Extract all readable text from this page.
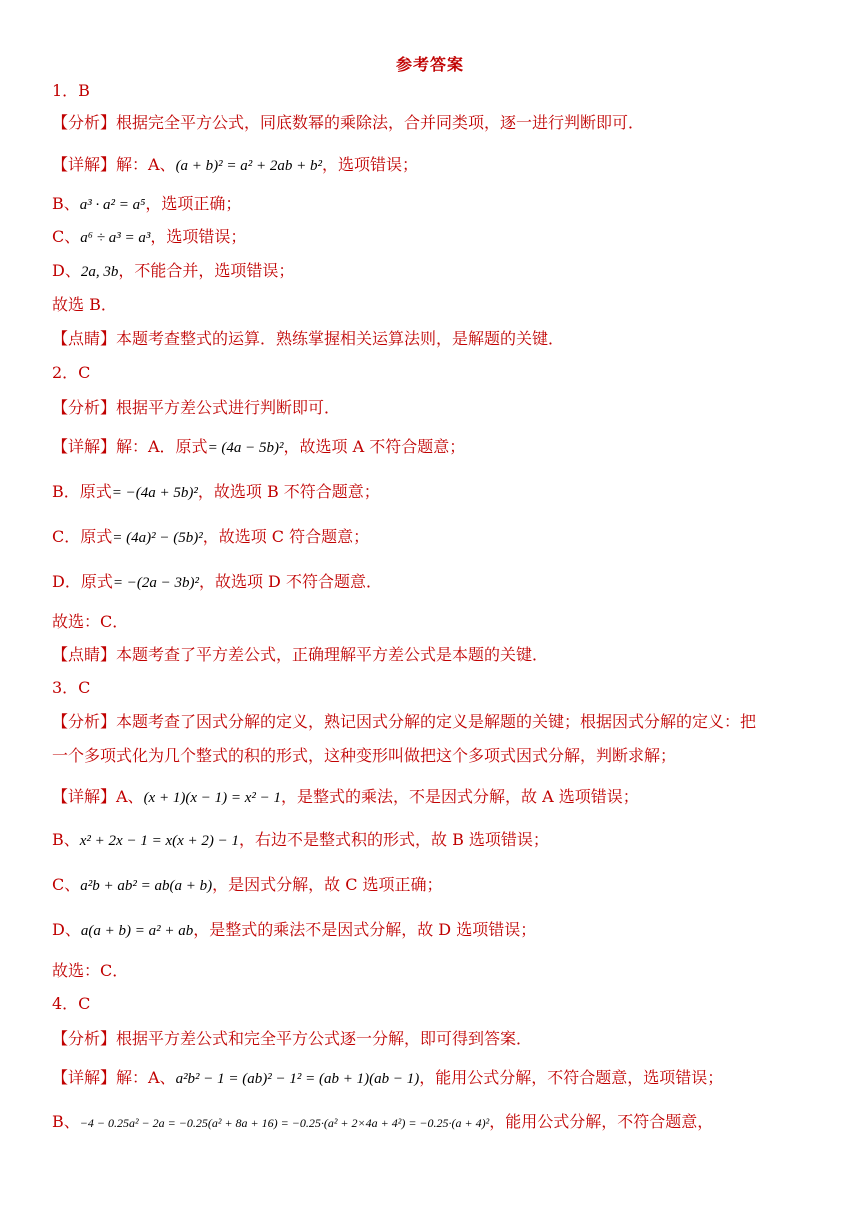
参考答案
1．B
【分析】根据完全平方公式，同底数幂的乘除法，合并同类项，逐一进行判断即可．
【详解】解：A、(a + b)² = a² + 2ab + b²，选项错误；
B、a³ · a² = a⁵，选项正确；
C、a⁶ ÷ a³ = a³，选项错误；
D、2a, 3b，不能合并，选项错误；
故选 B．
【点睛】本题考查整式的运算．熟练掌握相关运算法则，是解题的关键．
2．C
【分析】根据平方差公式进行判断即可．
【详解】解：A．原式= (4a − 5b)²，故选项 A 不符合题意；
B．原式= −(4a + 5b)²，故选项 B 不符合题意；
C．原式= (4a)² − (5b)²，故选项 C 符合题意；
D．原式= −(2a − 3b)²，故选项 D 不符合题意．
故选：C．
【点睛】本题考查了平方差公式，正确理解平方差公式是本题的关键．
3．C
【分析】本题考查了因式分解的定义，熟记因式分解的定义是解题的关键；根据因式分解的定义：把
一个多项式化为几个整式的积的形式，这种变形叫做把这个多项式因式分解，判断求解；
【详解】A、(x + 1)(x − 1) = x² − 1，是整式的乘法，不是因式分解，故 A 选项错误；
B、x² + 2x − 1 = x(x + 2) − 1，右边不是整式积的形式，故 B 选项错误；
C、a²b + ab² = ab(a + b)，是因式分解，故 C 选项正确；
D、a(a + b) = a² + ab，是整式的乘法不是因式分解，故 D 选项错误；
故选：C．
4．C
【分析】根据平方差公式和完全平方公式逐一分解，即可得到答案．
【详解】解：A、a²b² − 1 = (ab)² − 1² = (ab + 1)(ab − 1)，能用公式分解，不符合题意，选项错误；
B、−4 − 0.25a² − 2a = −0.25(a² + 8a + 16) = −0.25·(a² + 2×4a + 4²) = −0.25·(a + 4)²，能用公式分解，不符合题意，
